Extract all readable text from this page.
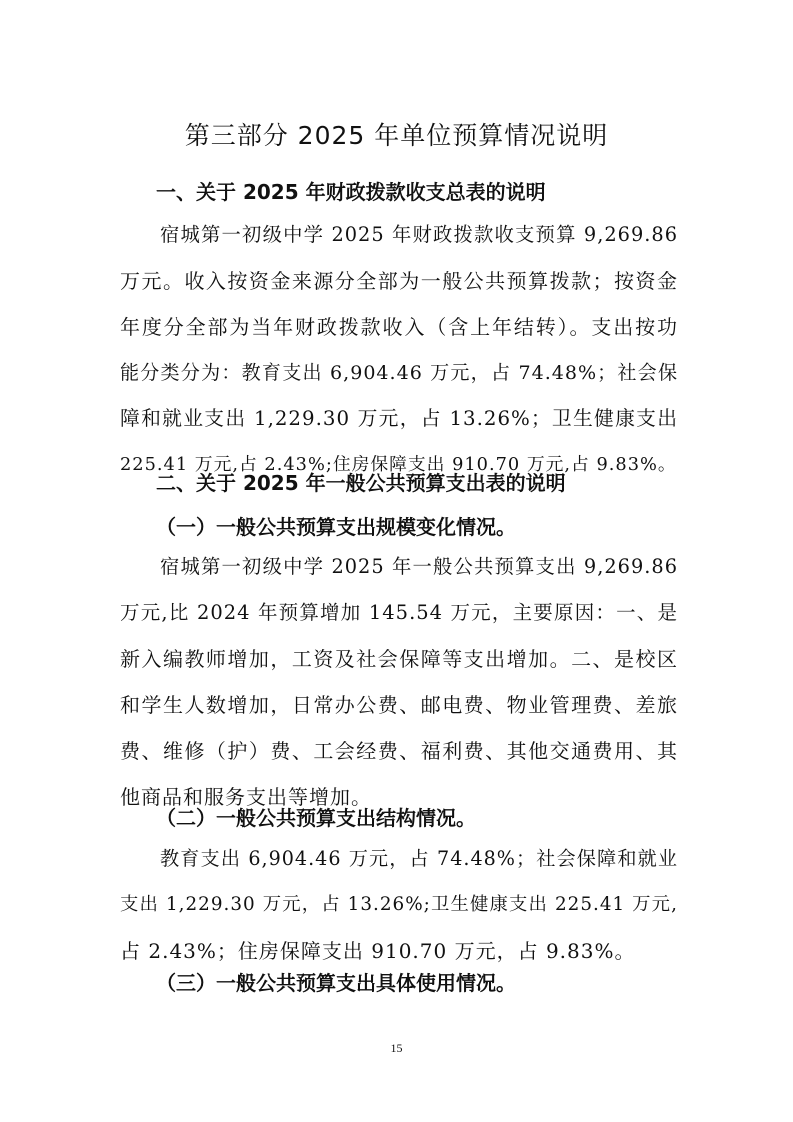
第三部分 2025 年单位预算情况说明
一、关于 2025 年财政拨款收支总表的说明
宿城第一初级中学 2025 年财政拨款收支预算 9,269.86
万元。收入按资金来源分全部为一般公共预算拨款；按资金
年度分全部为当年财政拨款收入（含上年结转）。支出按功
能分类分为：教育支出 6,904.46 万元，占 74.48%；社会保
障和就业支出 1,229.30 万元，占 13.26%；卫生健康支出
225.41 万元,占 2.43%;住房保障支出 910.70 万元,占 9.83%。
二、关于 2025 年一般公共预算支出表的说明
（一）一般公共预算支出规模变化情况。
宿城第一初级中学 2025 年一般公共预算支出 9,269.86
万元,比 2024 年预算增加 145.54 万元，主要原因：一、是
新入编教师增加，工资及社会保障等支出增加。二、是校区
和学生人数增加，日常办公费、邮电费、物业管理费、差旅
费、维修（护）费、工会经费、福利费、其他交通费用、其
他商品和服务支出等增加。
（二）一般公共预算支出结构情况。
教育支出 6,904.46 万元，占 74.48%；社会保障和就业
支出 1,229.30 万元，占 13.26%;卫生健康支出 225.41 万元,
占 2.43%；住房保障支出 910.70 万元，占 9.83%。
（三）一般公共预算支出具体使用情况。
15
